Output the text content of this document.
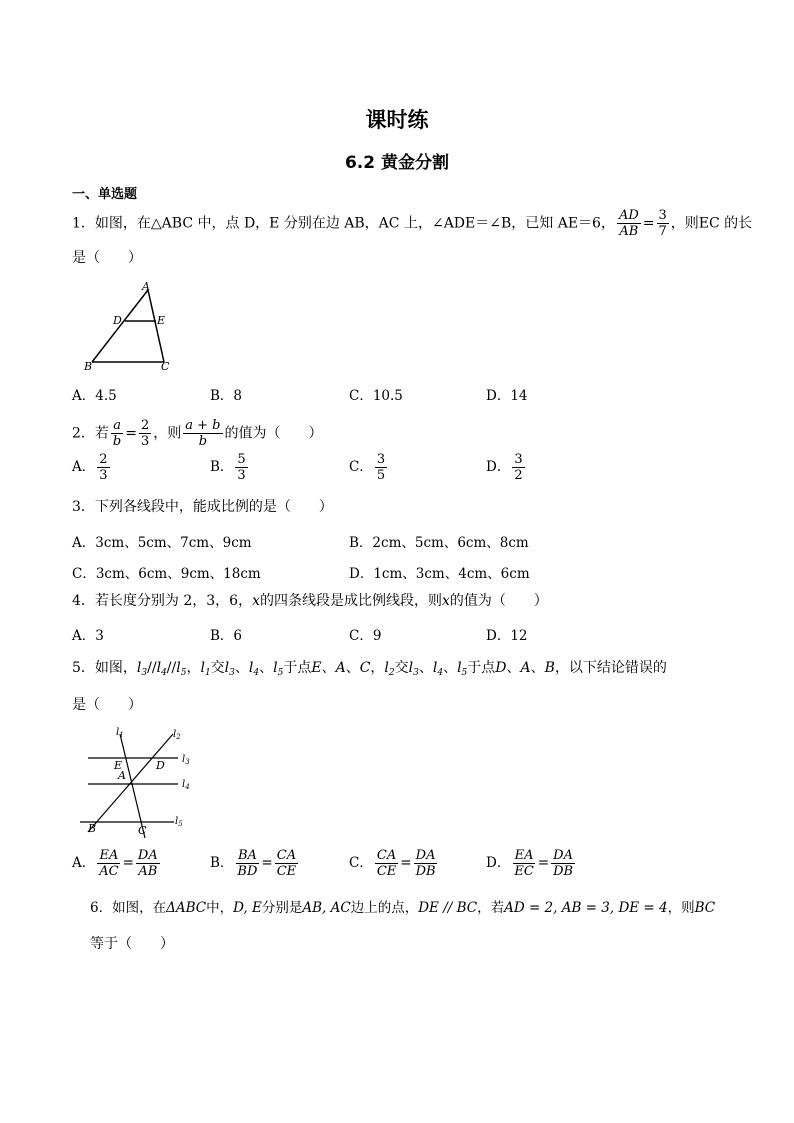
课时练
6.2 黄金分割
一、单选题
1．如图，在△ABC 中，点 D，E 分别在边 AB，AC 上，∠ADE＝∠B，已知 AE＝6， $\frac{AD}{AB} = \frac{3}{7}$ ，则EC 的长
是（　　）
A
D	E
B	C
A．4.5	B．8	C．10.5	D．14
2．若 $\frac{a}{b} = \frac{2}{3}$ ，则 $\frac{a + b}{b}$ 的值为（　　）
A． $\frac{2}{3}$	B． $\frac{5}{3}$	C． $\frac{3}{5}$	D． $\frac{3}{2}$
3．下列各线段中，能成比例的是（　　）
A．3cm、5cm、7cm、9cm	B．2cm、5cm、6cm、8cm
C．3cm、6cm、9cm、18cm	D．1cm、3cm、4cm、6cm
4．若长度分别为 2，3，6，x的四条线段是成比例线段，则x的值为（　　）
A．3	B．6	C．9	D．12
5．如图，$l_3//l_4//l_5$，$l_1$交$l_3$、$l_4$、$l_5$于点E、A、C，$l_2$交$l_3$、$l_4$、$l_5$于点D、A、B，以下结论错误的
是（　　）
$l_1$	$l_2$
$l_3$
$l_4$
$l_5$
E
A
D
B	C
A． $\frac{EA}{AC} = \frac{DA}{AB}$	B． $\frac{BA}{BD} = \frac{CA}{CE}$	C． $\frac{CA}{CE} = \frac{DA}{DB}$	D． $\frac{EA}{EC} = \frac{DA}{DB}$
6．如图，在ΔABC中，D, E分别是AB, AC边上的点，DE // BC，若AD = 2, AB = 3, DE = 4，则BC
等于（　　）
